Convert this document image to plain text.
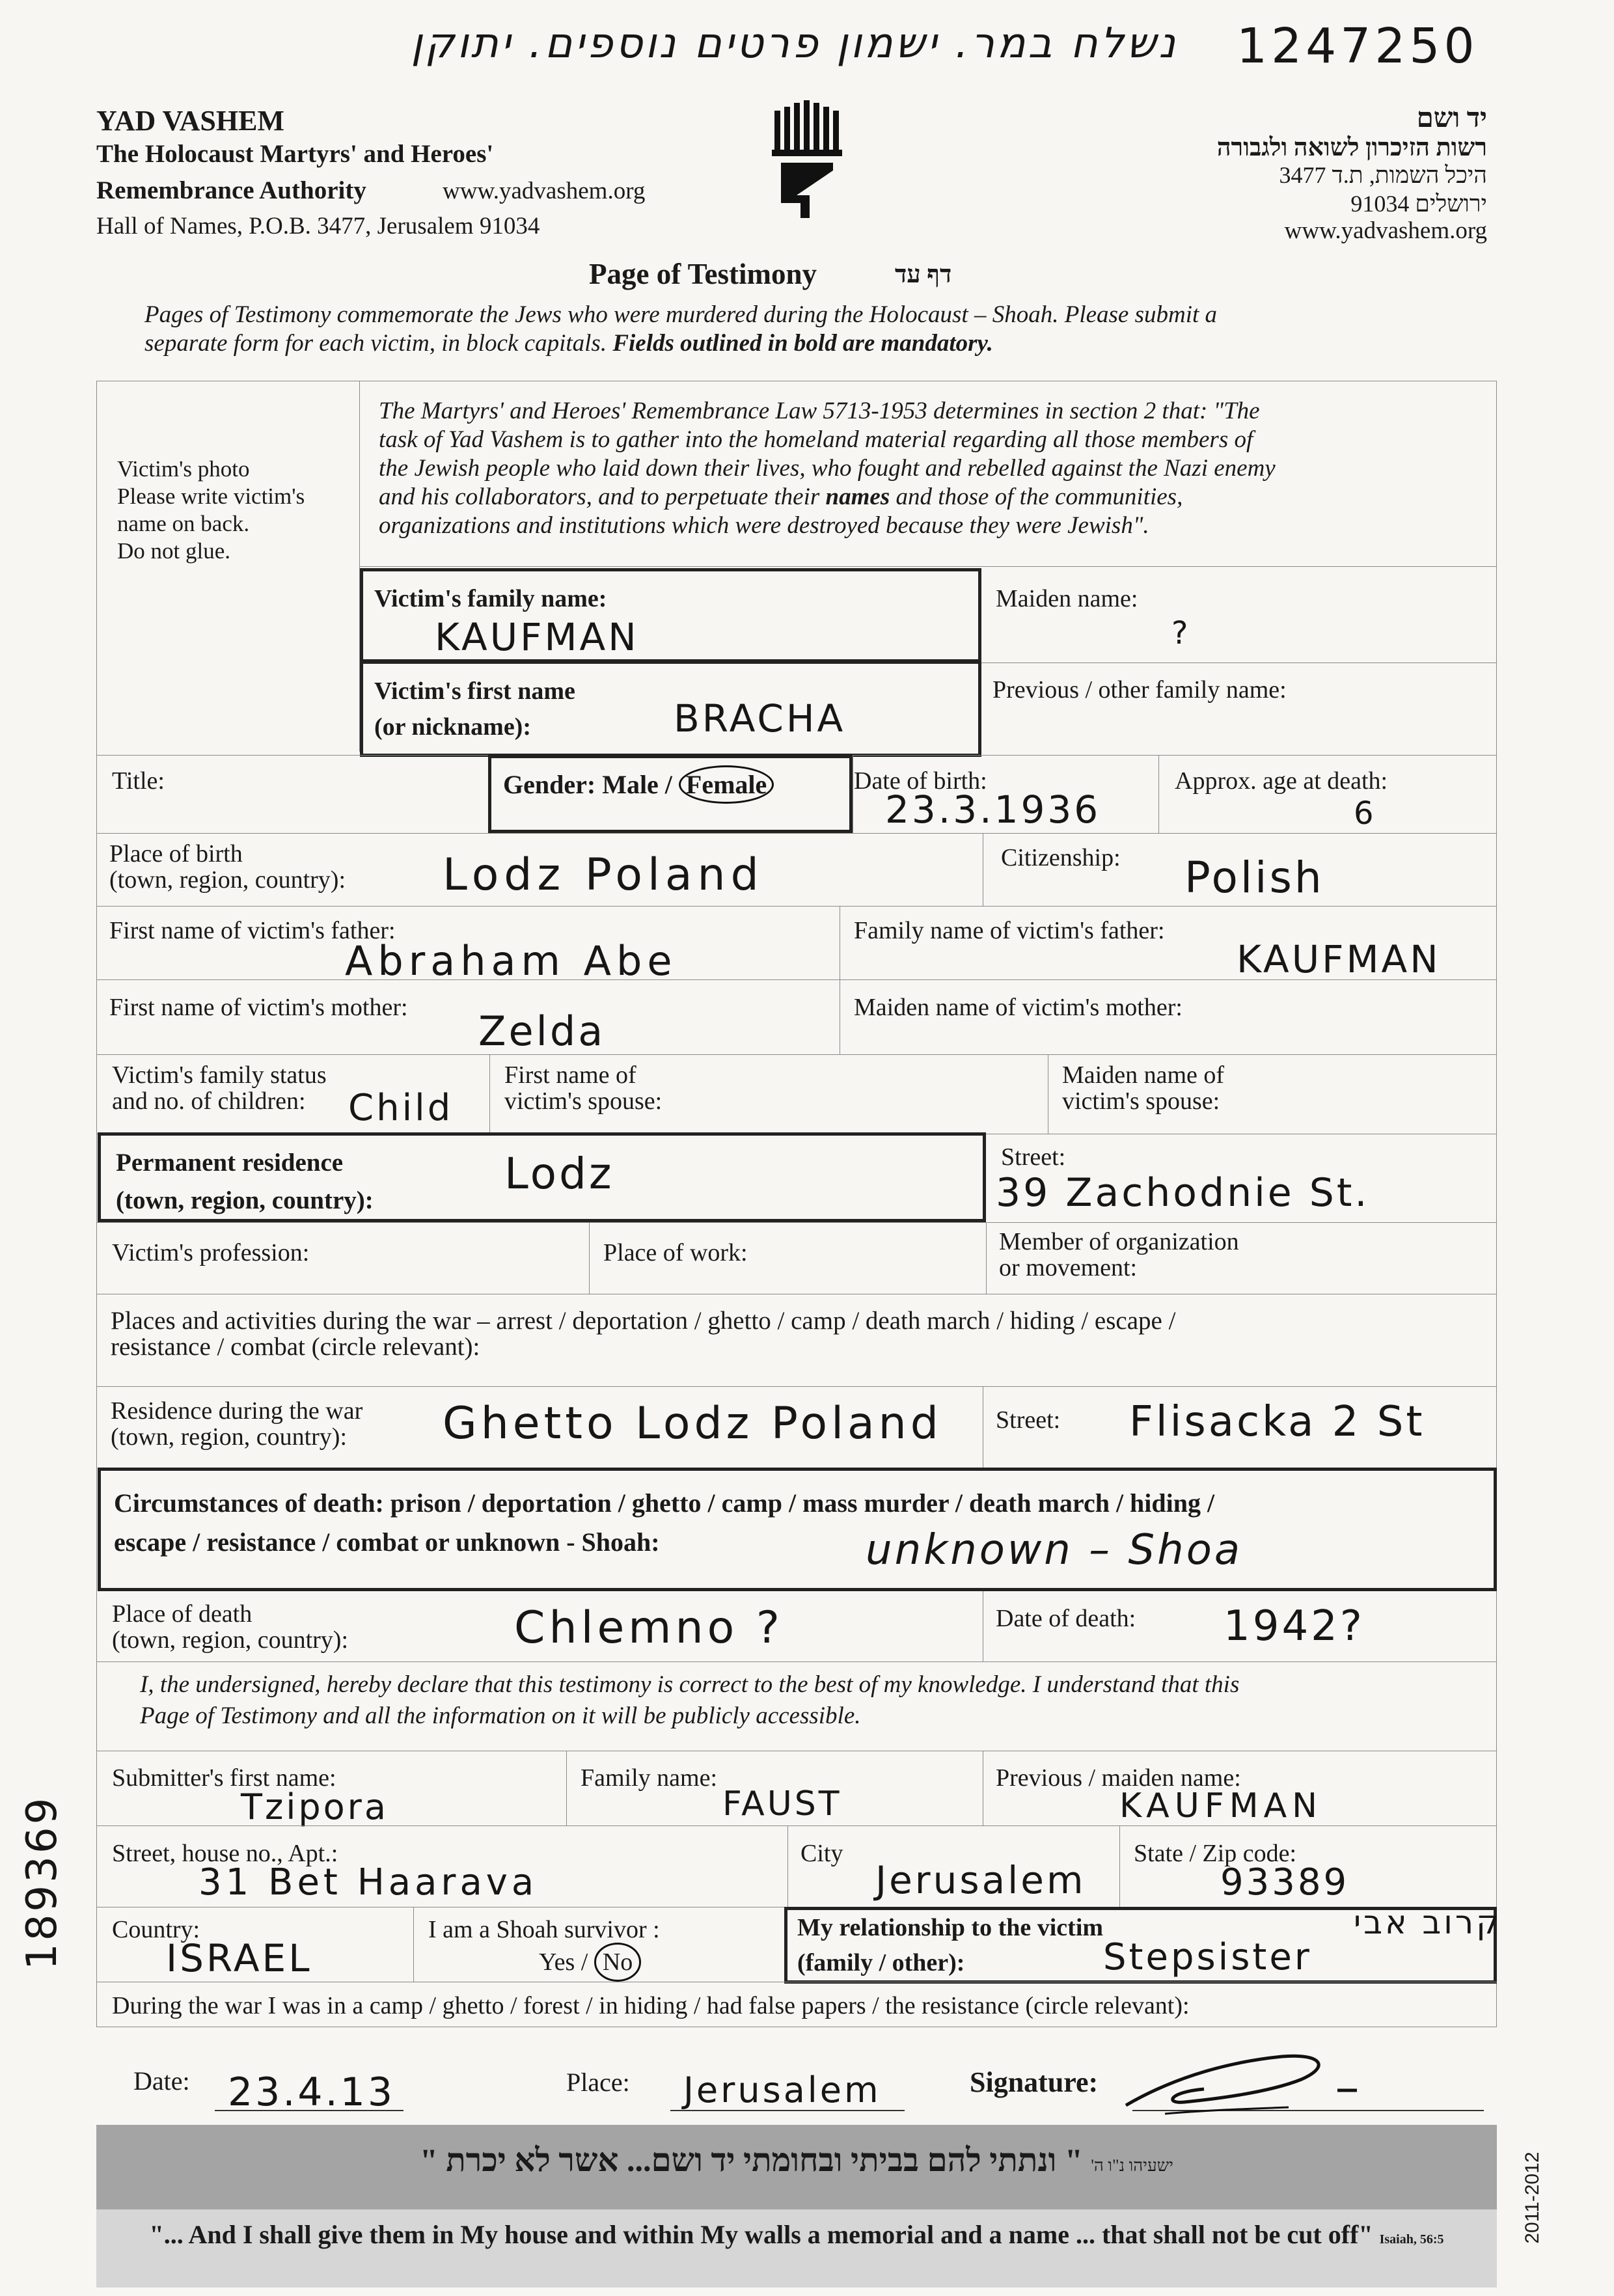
נשלח במר. ישמון פרטים נוספים. יתוקן 1247250
YAD VASHEM
The Holocaust Martyrs' and Heroes'
Remembrance Authority	www.yadvashem.org
Hall of Names, P.O.B. 3477, Jerusalem 91034
יד ושם
רשות הזיכרון לשואה ולגבורה
היכל השמות, ת.ד 3477
ירושלים 91034
www.yadvashem.org
Page of Testimony	דף עד
Pages of Testimony commemorate the Jews who were murdered during the Holocaust – Shoah. Please submit a
separate form for each victim, in block capitals. Fields outlined in bold are mandatory.
Victim's photo
Please write victim's
name on back.
Do not glue.
The Martyrs' and Heroes' Remembrance Law 5713-1953 determines in section 2 that: "The
task of Yad Vashem is to gather into the homeland material regarding all those members of
the Jewish people who laid down their lives, who fought and rebelled against the Nazi enemy
and his collaborators, and to perpetuate their names and those of the communities,
organizations and institutions which were destroyed because they were Jewish".
Victim's family name:
KAUFMAN
Maiden name:
?
Victim's first name
(or nickname):	BRACHA
Previous / other family name:
Title:	Gender: Male / Female	Date of birth:
23.3.1936
Approx. age at death:
6
Place of birth
(town, region, country): Lodz Poland	Citizenship: Polish
First name of victim's father:
Abraham Abe
Family name of victim's father:
KAUFMAN
First name of victim's mother: Zelda	Maiden name of victim's mother:
Victim's family status
and no. of children:	Child
First name of
victim's spouse:
Maiden name of
victim's spouse:
Permanent residence
(town, region, country):
Lodz	Street:
39 Zachodnie St.
Victim's profession:	Place of work:	Member of organization
or movement:
Places and activities during the war – arrest / deportation / ghetto / camp / death march / hiding / escape /
resistance / combat (circle relevant):
Residence during the war
(town, region, country):	Ghetto Lodz Poland Street: Flisacka 2 St
Circumstances of death: prison / deportation / ghetto / camp / mass murder / death march / hiding /
escape / resistance / combat or unknown - Shoah:	unknown – Shoa
Place of death
(town, region, country):	Chlemno ?	Date of death: 1942?
I, the undersigned, hereby declare that this testimony is correct to the best of my knowledge. I understand that this
Page of Testimony and all the information on it will be publicly accessible.
Submitter's first name:
Tzipora
Family name:
FAUST
Previous / maiden name:
KAUFMAN
Street, house no., Apt.:
31 Bet Haarava
City
Jerusalem
State / Zip code:
93389
Country:
ISRAEL
I am a Shoah survivor :
Yes / No
My relationship to the victim
(family / other):	Stepsister
קרוב אבי
189369
During the war I was in a camp / ghetto / forest / in hiding / had false papers / the resistance (circle relevant):
Date: 23.4.13	Place: Jerusalem	Signature:
ישעיהו נ"ו ה' " ונתתי להם בביתי ובחומתי יד ושם... אשר לא יכרת "
"... And I shall give them in My house and within My walls a memorial and a name ... that shall not be cut off" Isaiah, 56:5	2011-2012
